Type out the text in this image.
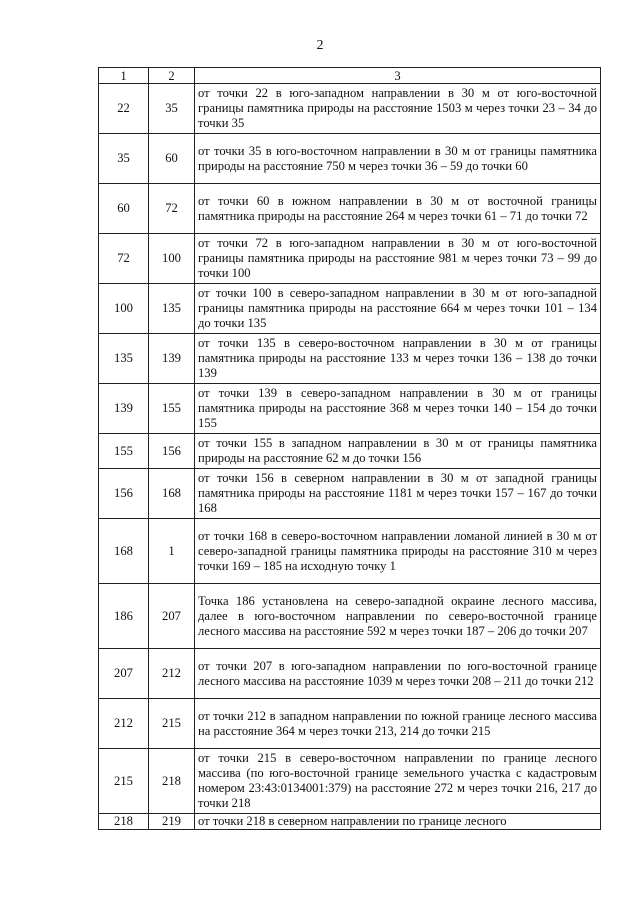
2
1	2	3
22	35	от точки 22 в юго-западном направлении в 30 м от юго-восточной границы памятника природы на расстояние 1503 м через точки 23 – 34 до точки 35
35	60	от точки 35 в юго-восточном направлении в 30 м от границы памятника природы на расстояние 750 м через точки 36 – 59 до точки 60
60	72	от точки 60 в южном направлении в 30 м от восточной границы памятника природы на расстояние 264 м через точки 61 – 71 до точки 72
72	100	от точки 72 в юго-западном направлении в 30 м от юго-восточной границы памятника природы на расстояние 981 м через точки 73 – 99 до точки 100
100	135	от точки 100 в северо-западном направлении в 30 м от юго-западной границы памятника природы на расстояние 664 м через точки 101 – 134 до точки 135
135	139	от точки 135 в северо-восточном направлении в 30 м от границы памятника природы на расстояние 133 м через точки 136 – 138 до точки 139
139	155	от точки 139 в северо-западном направлении в 30 м от границы памятника природы на расстояние 368 м через точки 140 – 154 до точки 155
155	156	от точки 155 в западном направлении в 30 м от границы памятника природы на расстояние 62 м до точки 156
156	168	от точки 156 в северном направлении в 30 м от западной границы памятника природы на расстояние 1181 м через точки 157 – 167 до точки 168
168	1	от точки 168 в северо-восточном направлении ломаной линией в 30 м от северо-западной границы памятника природы на расстояние 310 м через точки 169 – 185 на исходную точку 1
186	207	Точка 186 установлена на северо-западной окраине лесного массива, далее в юго-восточном направлении по северо-восточной границе лесного массива на расстояние 592 м через точки 187 – 206 до точки 207
207	212	от точки 207 в юго-западном направлении по юго-восточной границе лесного массива на расстояние 1039 м через точки 208 – 211 до точки 212
212	215	от точки 212 в западном направлении по южной границе лесного массива на расстояние 364 м через точки 213, 214 до точки 215
215	218	от точки 215 в северо-восточном направлении по границе лесного массива (по юго-восточной границе земельного участка с кадастровым номером 23:43:0134001:379) на расстояние 272 м через точки 216, 217 до точки 218
218	219	от точки 218 в северном направлении по границе лесного
